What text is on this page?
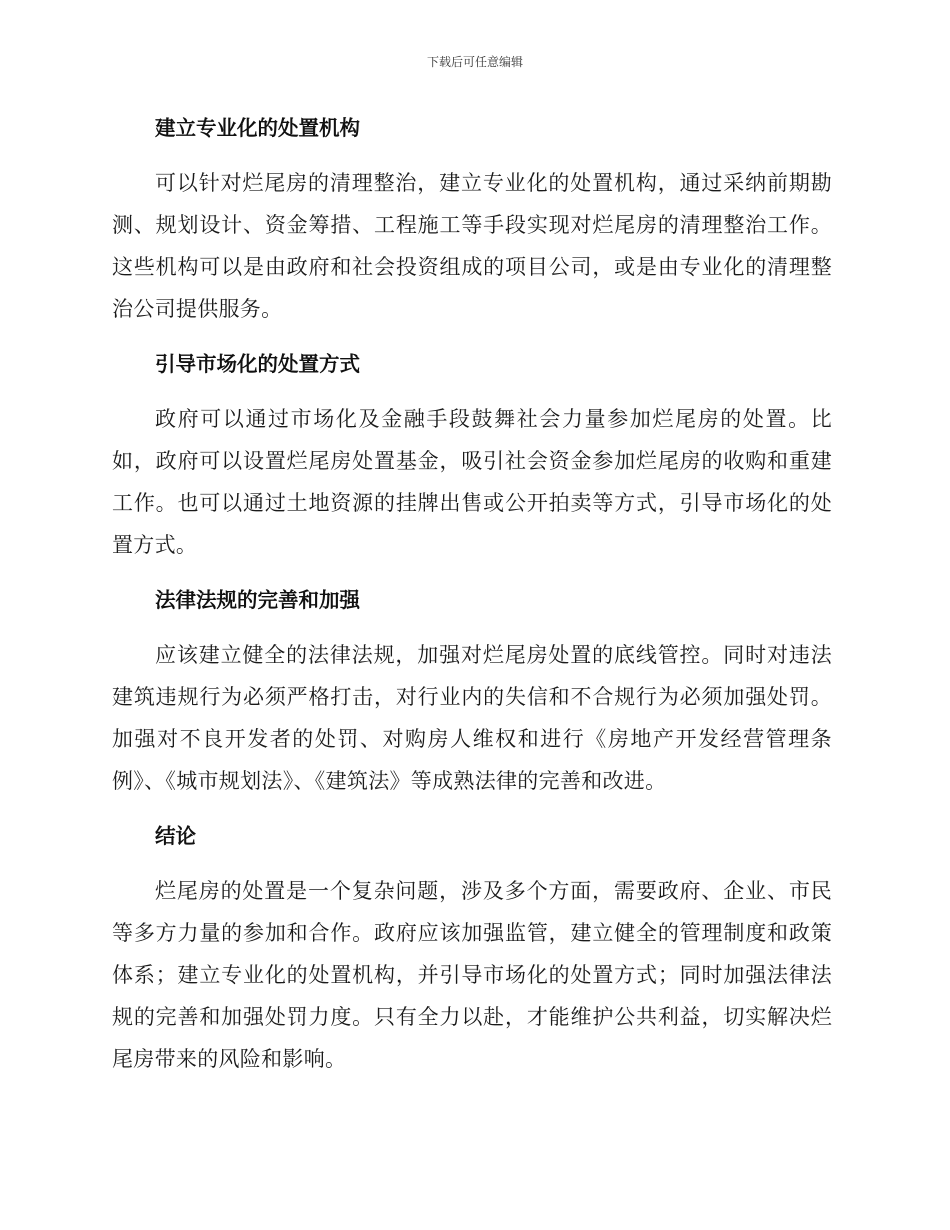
下载后可任意编辑
建立专业化的处置机构

可以针对烂尾房的清理整治，建立专业化的处置机构，通过采纳前期勘测、规划设计、资金筹措、工程施工等手段实现对烂尾房的清理整治工作。这些机构可以是由政府和社会投资组成的项目公司，或是由专业化的清理整治公司提供服务。

引导市场化的处置方式

政府可以通过市场化及金融手段鼓舞社会力量参加烂尾房的处置。比如，政府可以设置烂尾房处置基金，吸引社会资金参加烂尾房的收购和重建工作。也可以通过土地资源的挂牌出售或公开拍卖等方式，引导市场化的处置方式。

法律法规的完善和加强

应该建立健全的法律法规，加强对烂尾房处置的底线管控。同时对违法建筑违规行为必须严格打击，对行业内的失信和不合规行为必须加强处罚。加强对不良开发者的处罚、对购房人维权和进行《房地产开发经营管理条例》、《城市规划法》、《建筑法》等成熟法律的完善和改进。

结论

烂尾房的处置是一个复杂问题，涉及多个方面，需要政府、企业、市民等多方力量的参加和合作。政府应该加强监管，建立健全的管理制度和政策体系；建立专业化的处置机构，并引导市场化的处置方式；同时加强法律法规的完善和加强处罚力度。只有全力以赴，才能维护公共利益，切实解决烂尾房带来的风险和影响。
